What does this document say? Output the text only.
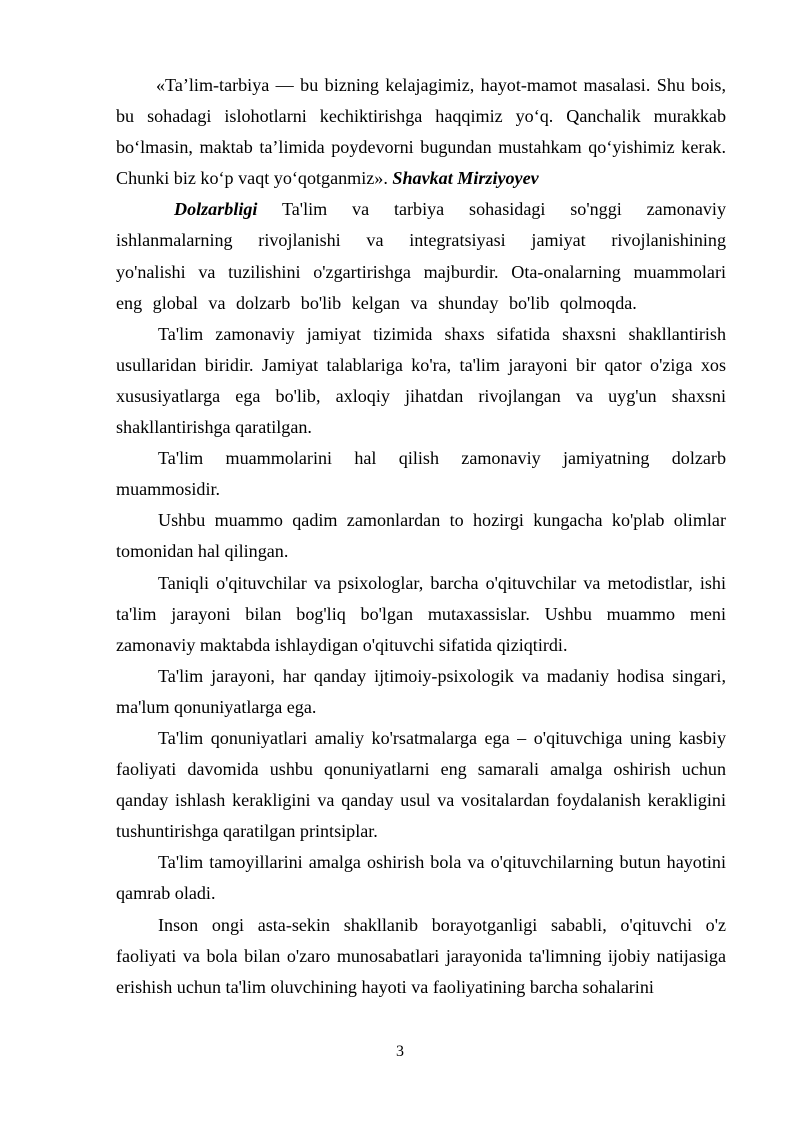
«Ta’lim-tarbiya — bu bizning kelajagimiz, hayot-mamot masalasi. Shu bois, bu sohadagi islohotlarni kechiktirishga haqqimiz yo‘q. Qanchalik murakkab bo‘lmasin, maktab ta’limida poydevorni bugundan mustahkam qo‘yishimiz kerak. Chunki biz ko‘p vaqt yo‘qotganmiz». Shavkat Mirziyoyev

Dolzarbligi Ta'lim va tarbiya sohasidagi so'nggi zamonaviy ishlanmalarning rivojlanishi va integratsiyasi jamiyat rivojlanishining yo'nalishi va tuzilishini o'zgartirishga majburdir. Ota-onalarning muammolari eng global va dolzarb bo'lib kelgan va shunday bo'lib qolmoqda.

Ta'lim zamonaviy jamiyat tizimida shaxs sifatida shaxsni shakllantirish usullaridan biridir. Jamiyat talablariga ko'ra, ta'lim jarayoni bir qator o'ziga xos xususiyatlarga ega bo'lib, axloqiy jihatdan rivojlangan va uyg'un shaxsni shakllantirishga qaratilgan.

Ta'lim muammolarini hal qilish zamonaviy jamiyatning dolzarb muammosidir.

Ushbu muammo qadim zamonlardan to hozirgi kungacha ko'plab olimlar tomonidan hal qilingan.

Taniqli o'qituvchilar va psixologlar, barcha o'qituvchilar va metodistlar, ishi ta'lim jarayoni bilan bog'liq bo'lgan mutaxassislar. Ushbu muammo meni zamonaviy maktabda ishlaydigan o'qituvchi sifatida qiziqtirdi.

Ta'lim jarayoni, har qanday ijtimoiy-psixologik va madaniy hodisa singari, ma'lum qonuniyatlarga ega.

Ta'lim qonuniyatlari amaliy ko'rsatmalarga ega – o'qituvchiga uning kasbiy faoliyati davomida ushbu qonuniyatlarni eng samarali amalga oshirish uchun qanday ishlash kerakligini va qanday usul va vositalardan foydalanish kerakligini tushuntirishga qaratilgan printsiplar.

Ta'lim tamoyillarini amalga oshirish bola va o'qituvchilarning butun hayotini qamrab oladi.

Inson ongi asta-sekin shakllanib borayotganligi sababli, o'qituvchi o'z faoliyati va bola bilan o'zaro munosabatlari jarayonida ta'limning ijobiy natijasiga erishish uchun ta'lim oluvchining hayoti va faoliyatining barcha sohalarini

3
